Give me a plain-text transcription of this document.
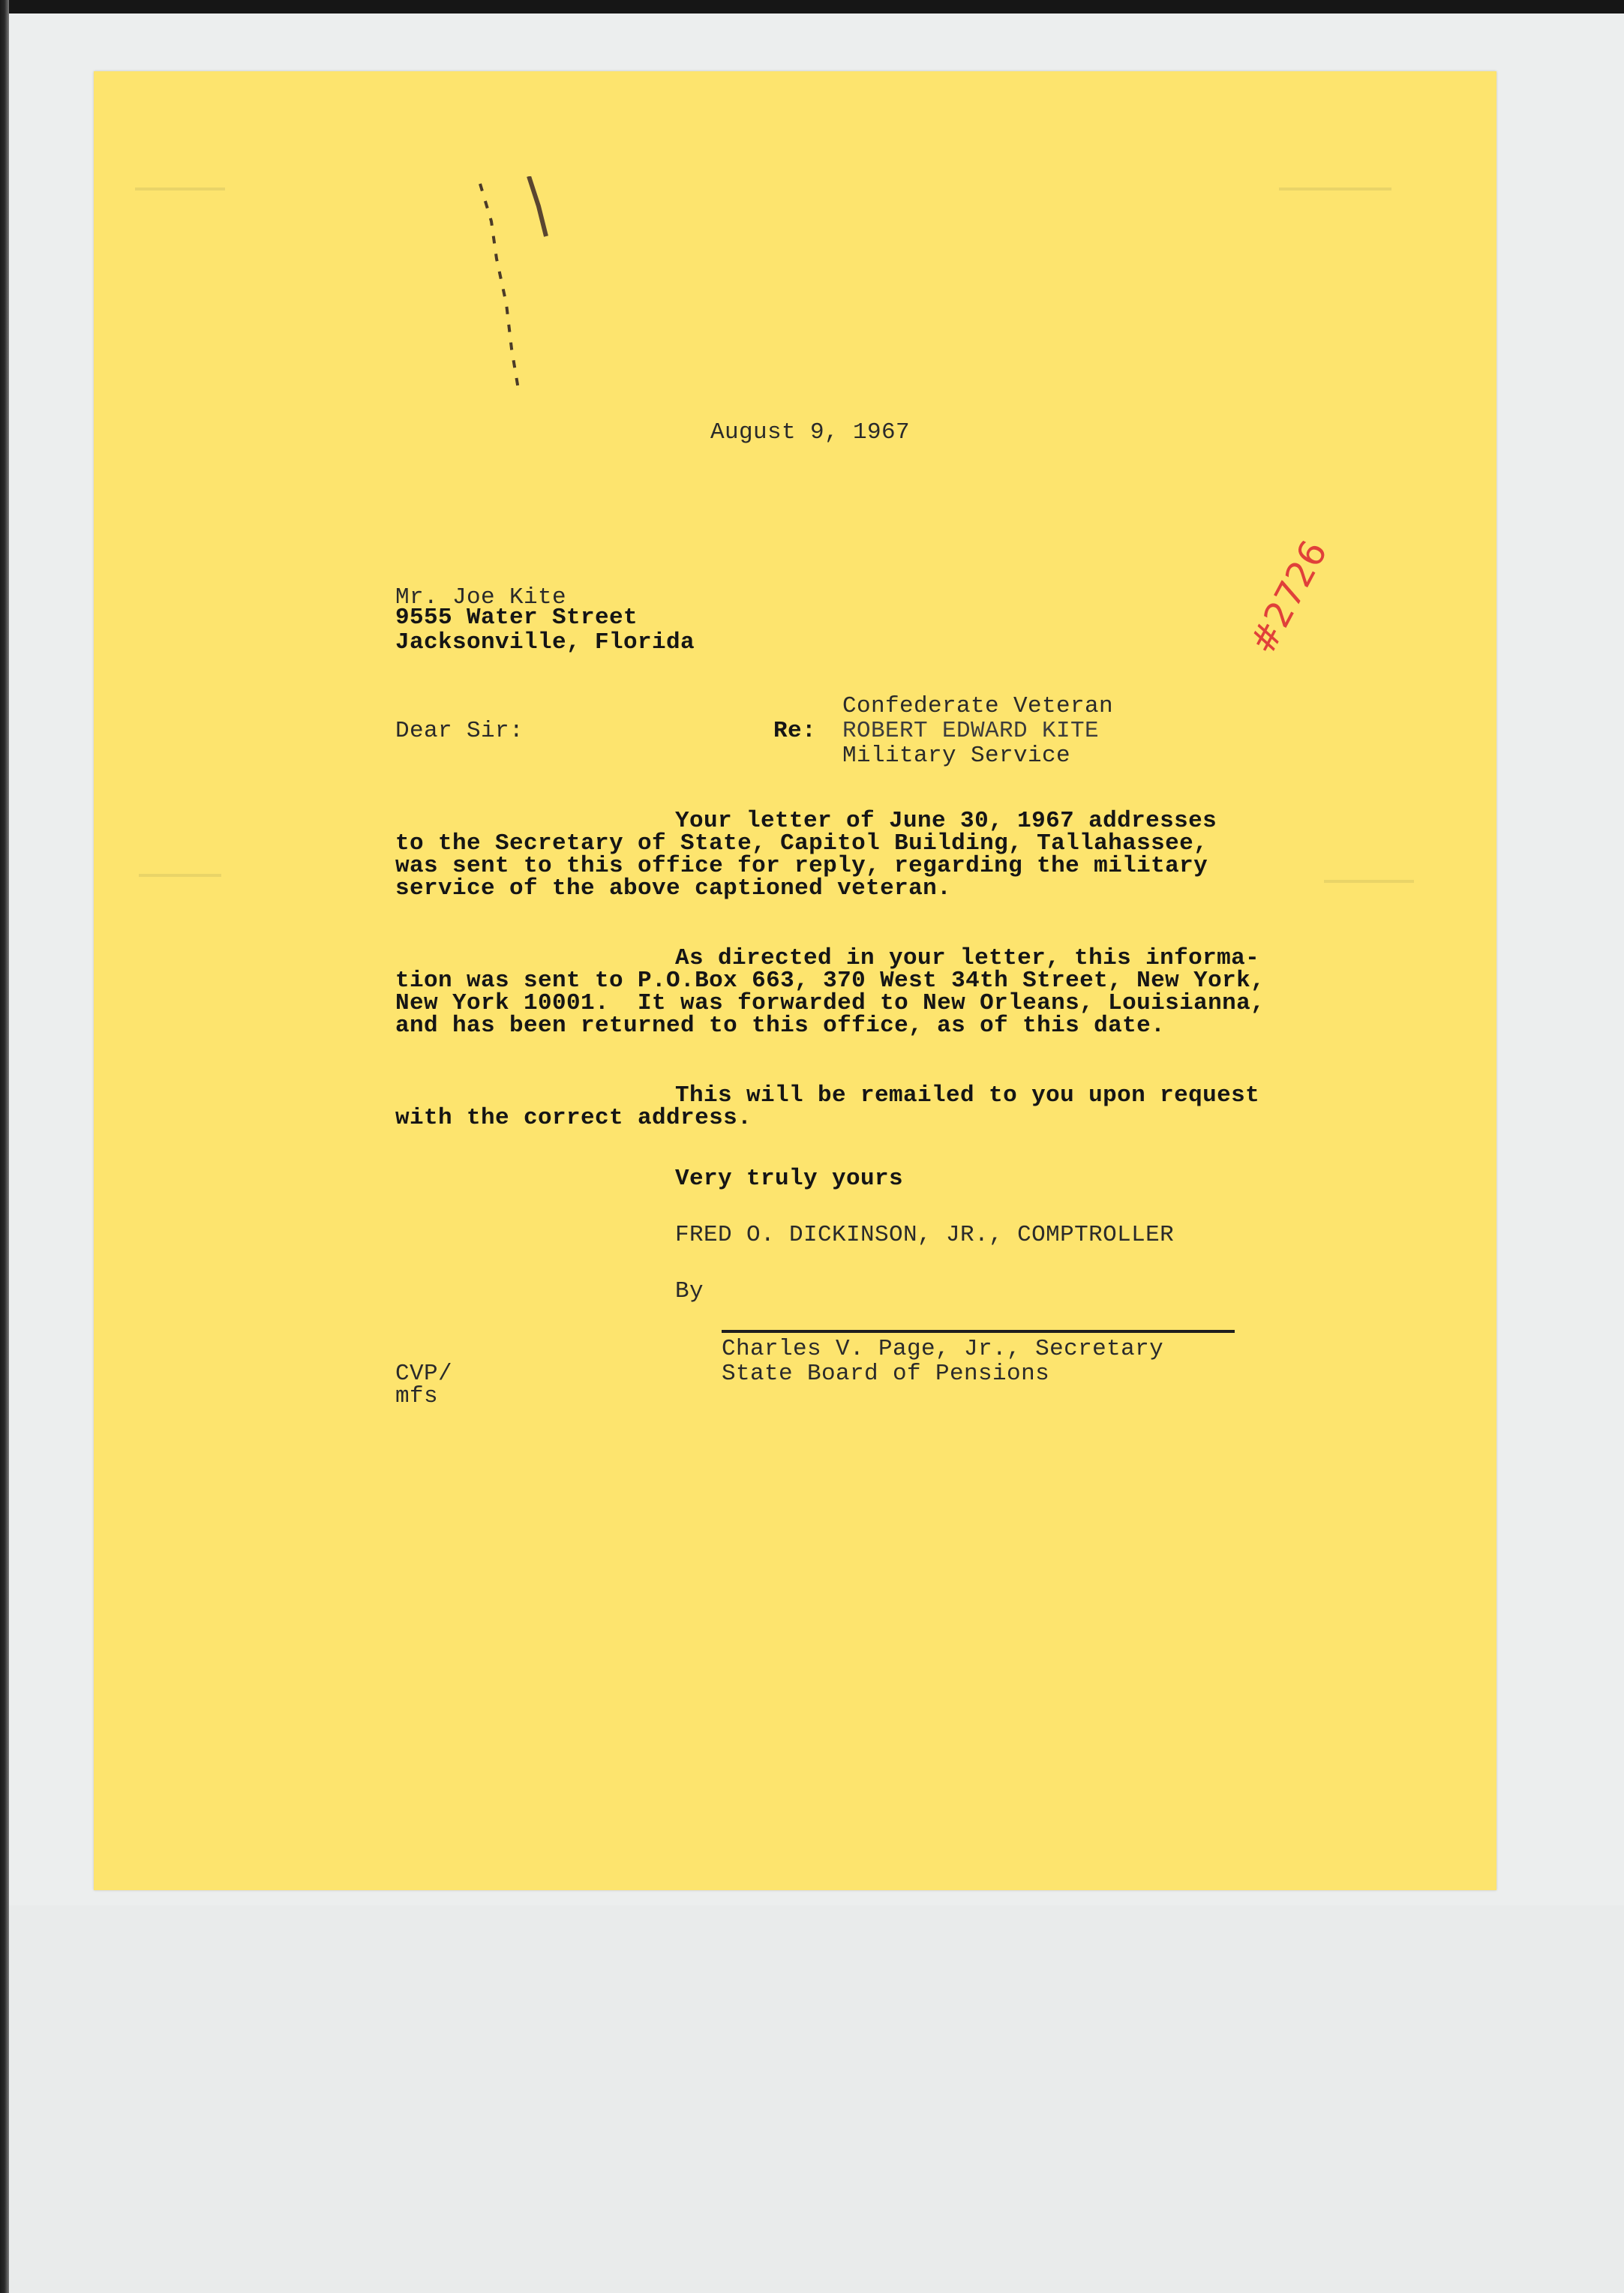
August 9, 1967
#2726
Mr. Joe Kite
9555 Water Street
Jacksonville, Florida
Confederate Veteran
Dear Sir:	Re: ROBERT EDWARD KITE
Military Service
Your letter of June 30, 1967 addresses
to the Secretary of State, Capitol Building, Tallahassee,
was sent to this office for reply, regarding the military
service of the above captioned veteran.
As directed in your letter, this informa-
tion was sent to P.O.Box 663, 370 West 34th Street, New York,
New York 10001.  It was forwarded to New Orleans, Louisianna,
and has been returned to this office, as of this date.
This will be remailed to you upon request
with the correct address.
Very truly yours
FRED O. DICKINSON, JR., COMPTROLLER
By
Charles V. Page, Jr., Secretary
State Board of Pensions
CVP/
mfs
